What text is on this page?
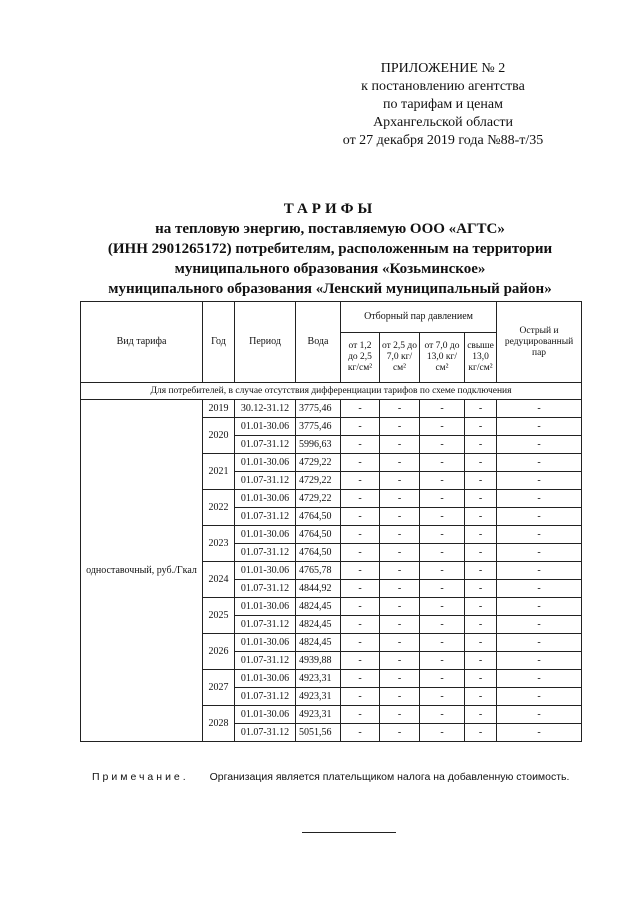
ПРИЛОЖЕНИЕ № 2
к постановлению агентства
по тарифам и ценам
Архангельской области
от 27 декабря 2019 года №88-т/35
ТАРИФЫ
на тепловую энергию, поставляемую ООО «АГТС»
(ИНН 2901265172) потребителям, расположенным на территории
муниципального образования «Козьминское»
муниципального образования «Ленский муниципальный район»
Вид тарифа	Год	Период	Вода	Отборный пар давлением				Острый и редуцированный пар
				от 1,2 до 2,5 кг/см²	от 2,5 до 7,0 кг/см²	от 7,0 до 13,0 кг/см²	свыше 13,0 кг/см²	
Для потребителей, в случае отсутствия дифференциации тарифов по схеме подключения								
одноставочный, руб./Гкал	2019	30.12-31.12	3775,46	-	-	-	-	-
	2020	01.01-30.06	3775,46	-	-	-	-	-
		01.07-31.12	5996,63	-	-	-	-	-
	2021	01.01-30.06	4729,22	-	-	-	-	-
		01.07-31.12	4729,22	-	-	-	-	-
	2022	01.01-30.06	4729,22	-	-	-	-	-
		01.07-31.12	4764,50	-	-	-	-	-
	2023	01.01-30.06	4764,50	-	-	-	-	-
		01.07-31.12	4764,50	-	-	-	-	-
	2024	01.01-30.06	4765,78	-	-	-	-	-
		01.07-31.12	4844,92	-	-	-	-	-
	2025	01.01-30.06	4824,45	-	-	-	-	-
		01.07-31.12	4824,45	-	-	-	-	-
	2026	01.01-30.06	4824,45	-	-	-	-	-
		01.07-31.12	4939,88	-	-	-	-	-
	2027	01.01-30.06	4923,31	-	-	-	-	-
		01.07-31.12	4923,31	-	-	-	-	-
	2028	01.01-30.06	4923,31	-	-	-	-	-
		01.07-31.12	5051,56	-	-	-	-	-
Примечание. Организация является плательщиком налога на добавленную стоимость.
